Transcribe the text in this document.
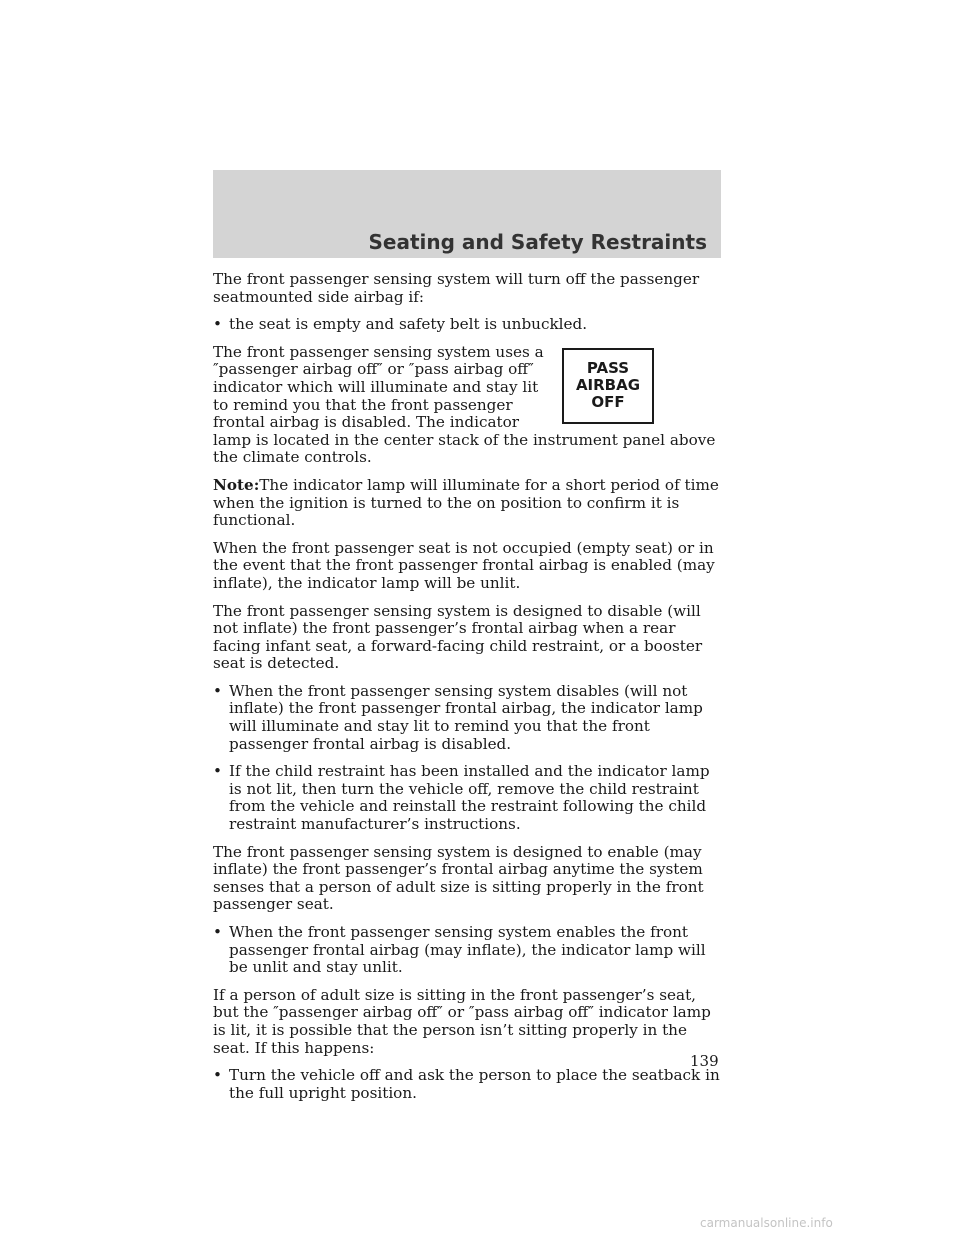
Seating and Safety Restraints

The front passenger sensing system will turn off the passenger seatmounted side airbag if:

• the seat is empty and safety belt is unbuckled.
PASS
AIRBAG
OFF

The front passenger sensing system uses a ″passenger airbag off″ or ″pass airbag off″ indicator which will illuminate and stay lit to remind you that the front passenger frontal airbag is disabled. The indicator lamp is located in the center stack of the instrument panel above the climate controls.

Note:The indicator lamp will illuminate for a short period of time when the ignition is turned to the on position to confirm it is functional.

When the front passenger seat is not occupied (empty seat) or in the event that the front passenger frontal airbag is enabled (may inflate), the indicator lamp will be unlit.

The front passenger sensing system is designed to disable (will not inflate) the front passenger’s frontal airbag when a rear facing infant seat, a forward-facing child restraint, or a booster seat is detected.

• When the front passenger sensing system disables (will not inflate) the front passenger frontal airbag, the indicator lamp will illuminate and stay lit to remind you that the front passenger frontal airbag is disabled.
• If the child restraint has been installed and the indicator lamp is not lit, then turn the vehicle off, remove the child restraint from the vehicle and reinstall the restraint following the child restraint manufacturer’s instructions.

The front passenger sensing system is designed to enable (may inflate) the front passenger’s frontal airbag anytime the system senses that a person of adult size is sitting properly in the front passenger seat.

• When the front passenger sensing system enables the front passenger frontal airbag (may inflate), the indicator lamp will be unlit and stay unlit.

If a person of adult size is sitting in the front passenger’s seat, but the ″passenger airbag off″ or ″pass airbag off″ indicator lamp is lit, it is possible that the person isn’t sitting properly in the seat. If this happens:

• Turn the vehicle off and ask the person to place the seatback in the full upright position.
139
carmanualsonline.info
